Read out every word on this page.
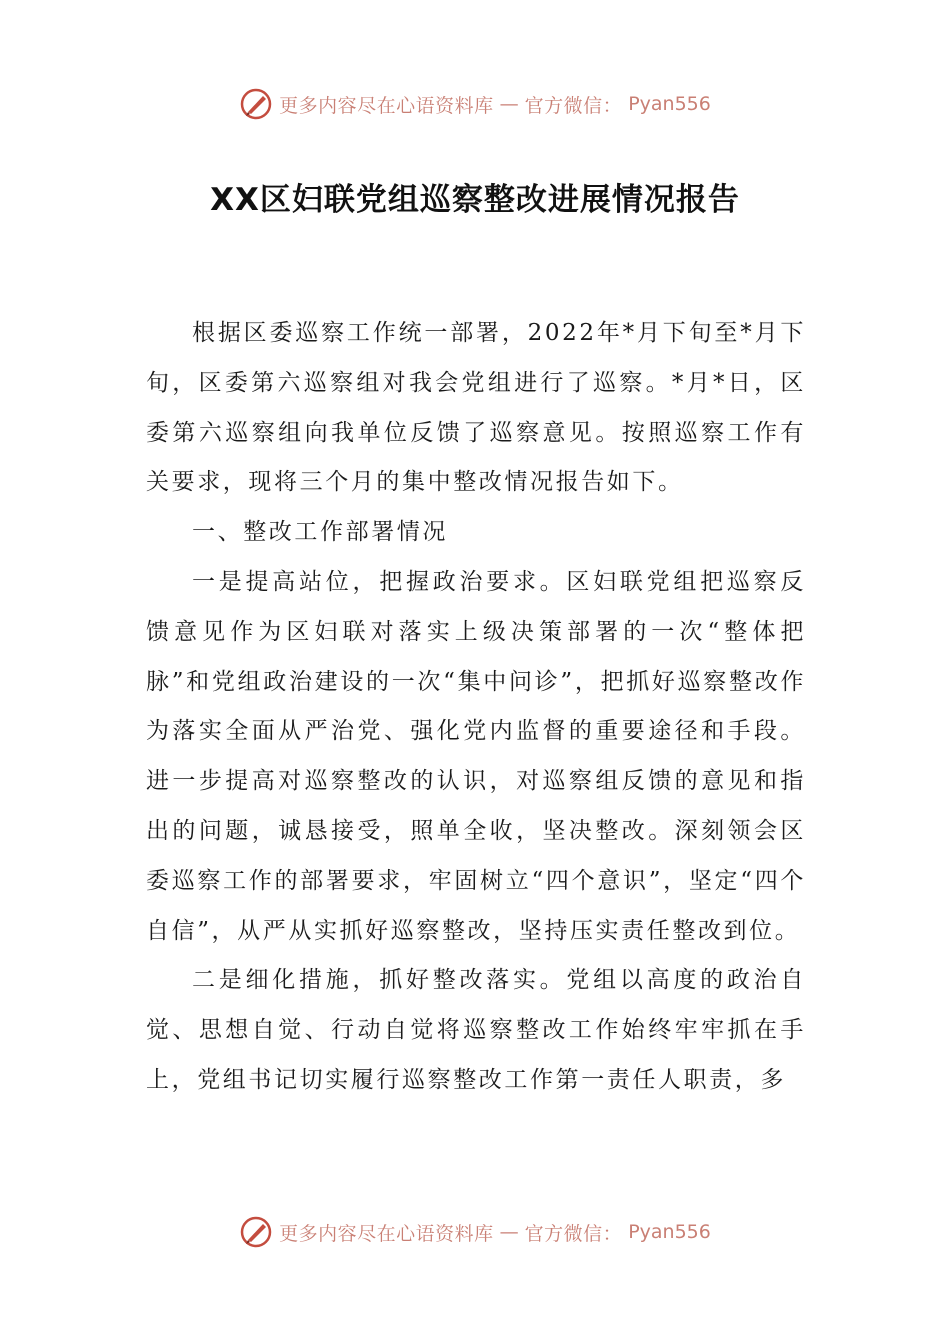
更多内容尽在心语资料库 — 官方微信： Pyan556
XX区妇联党组巡察整改进展情况报告

根据区委巡察工作统一部署，2022年*月下旬至*月下旬，区委第六巡察组对我会党组进行了巡察。*月*日，区委第六巡察组向我单位反馈了巡察意见。按照巡察工作有关要求，现将三个月的集中整改情况报告如下。

一、整改工作部署情况

一是提高站位，把握政治要求。区妇联党组把巡察反馈意见作为区妇联对落实上级决策部署的一次“整体把脉”和党组政治建设的一次“集中问诊”，把抓好巡察整改作为落实全面从严治党、强化党内监督的重要途径和手段。进一步提高对巡察整改的认识，对巡察组反馈的意见和指出的问题，诚恳接受，照单全收，坚决整改。深刻领会区委巡察工作的部署要求，牢固树立“四个意识”，坚定“四个自信”，从严从实抓好巡察整改，坚持压实责任整改到位。

二是细化措施，抓好整改落实。党组以高度的政治自觉、思想自觉、行动自觉将巡察整改工作始终牢牢抓在手上，党组书记切实履行巡察整改工作第一责任人职责，多

更多内容尽在心语资料库 — 官方微信： Pyan556
